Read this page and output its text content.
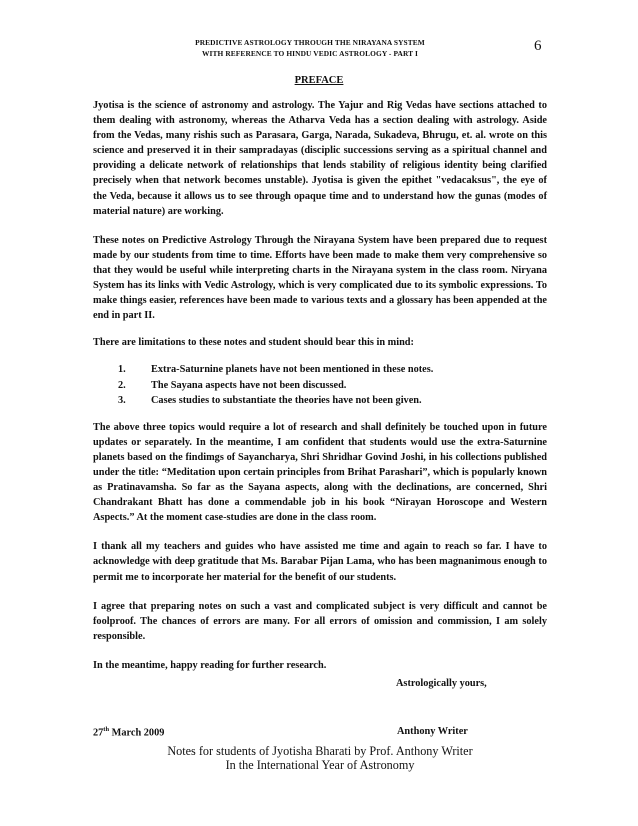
PREDICTIVE ASTROLOGY THROUGH THE NIRAYANA SYSTEM
WITH REFERENCE TO HINDU VEDIC ASTROLOGY - PART I	6
PREFACE

Jyotisa is the science of astronomy and astrology. The Yajur and Rig Vedas have sections attached to them dealing with astronomy, whereas the Atharva Veda has a section dealing with astrology. Aside from the Vedas, many rishis such as Parasara, Garga, Narada, Sukadeva, Bhrugu, et. al. wrote on this science and preserved it in their sampradayas (disciplic successions serving as a spiritual channel and providing a delicate network of relationships that lends stability of religious identity being clarified precisely when that network becomes unstable). Jyotisa is given the epithet "vedacaksus", the eye of the Veda, because it allows us to see through opaque time and to understand how the gunas (modes of material nature) are working.

These notes on Predictive Astrology Through the Nirayana System have been prepared due to request made by our students from time to time. Efforts have been made to make them very comprehensive so that they would be useful while interpreting charts in the Nirayana system in the class room. Niryana System has its links with Vedic Astrology, which is very complicated due to its symbolic expressions. To make things easier, references have been made to various texts and a glossary has been appended at the end in part II.

There are limitations to these notes and student should bear this in mind:

1.	Extra-Saturnine planets have not been mentioned in these notes.
2.	The Sayana aspects have not been discussed.
3.	Cases studies to substantiate the theories have not been given.

The above three topics would require a lot of research and shall definitely be touched upon in future updates or separately. In the meantime, I am confident that students would use the extra-Saturnine planets based on the findimgs of Sayancharya, Shri Shridhar Govind Joshi, in his collections published under the title: “Meditation upon certain principles from Brihat Parashari”, which is popularly known as Pratinavamsha. So far as the Sayana aspects, along with the declinations, are concerned, Shri Chandrakant Bhatt has done a commendable job in his book “Nirayan Horoscope and Western Aspects.” At the moment case-studies are done in the class room.

I thank all my teachers and guides who have assisted me time and again to reach so far. I have to acknowledge with deep gratitude that Ms. Barabar Pijan Lama, who has been magnanimous enough to permit me to incorporate her material for the benefit of our students.

I agree that preparing notes on such a vast and complicated subject is very difficult and cannot be foolproof. The chances of errors are many. For all errors of omission and commission, I am solely responsible.

In the meantime, happy reading for further research.

Astrologically yours,
27th March 2009	Anthony Writer
Notes for students of Jyotisha Bharati by Prof. Anthony Writer
In the International Year of Astronomy
